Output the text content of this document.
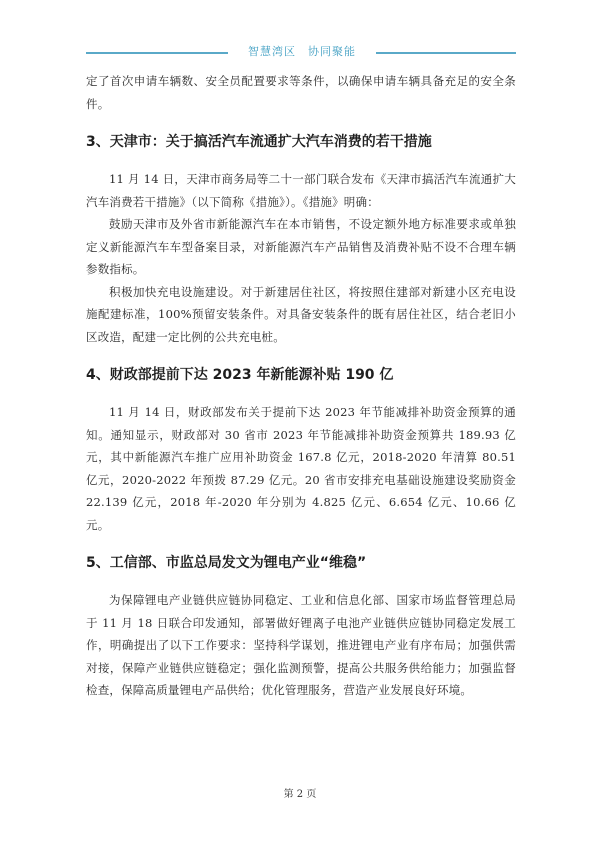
智慧湾区　协同聚能

定了首次申请车辆数、安全员配置要求等条件，以确保申请车辆具备充足的安全条件。

3、天津市：关于搞活汽车流通扩大汽车消费的若干措施

11 月 14 日，天津市商务局等二十一部门联合发布《天津市搞活汽车流通扩大汽车消费若干措施》（以下简称《措施》）。《措施》明确：

鼓励天津市及外省市新能源汽车在本市销售，不设定额外地方标准要求或单独定义新能源汽车车型备案目录，对新能源汽车产品销售及消费补贴不设不合理车辆参数指标。

积极加快充电设施建设。对于新建居住社区，将按照住建部对新建小区充电设施配建标准，100%预留安装条件。对具备安装条件的既有居住社区，结合老旧小区改造，配建一定比例的公共充电桩。

4、财政部提前下达 2023 年新能源补贴 190 亿

11 月 14 日，财政部发布关于提前下达 2023 年节能减排补助资金预算的通知。通知显示，财政部对 30 省市 2023 年节能减排补助资金预算共 189.93 亿元，其中新能源汽车推广应用补助资金 167.8 亿元，2018-2020 年清算 80.51 亿元，2020-2022 年预拨 87.29 亿元。20 省市安排充电基础设施建设奖励资金 22.139 亿元，2018 年-2020 年分别为 4.825 亿元、6.654 亿元、10.66 亿元。

5、工信部、市监总局发文为锂电产业“维稳”

为保障锂电产业链供应链协同稳定、工业和信息化部、国家市场监督管理总局于 11 月 18 日联合印发通知，部署做好锂离子电池产业链供应链协同稳定发展工作，明确提出了以下工作要求：坚持科学谋划，推进锂电产业有序布局；加强供需对接，保障产业链供应链稳定；强化监测预警，提高公共服务供给能力；加强监督检查，保障高质量锂电产品供给；优化管理服务，营造产业发展良好环境。

第 2 页
